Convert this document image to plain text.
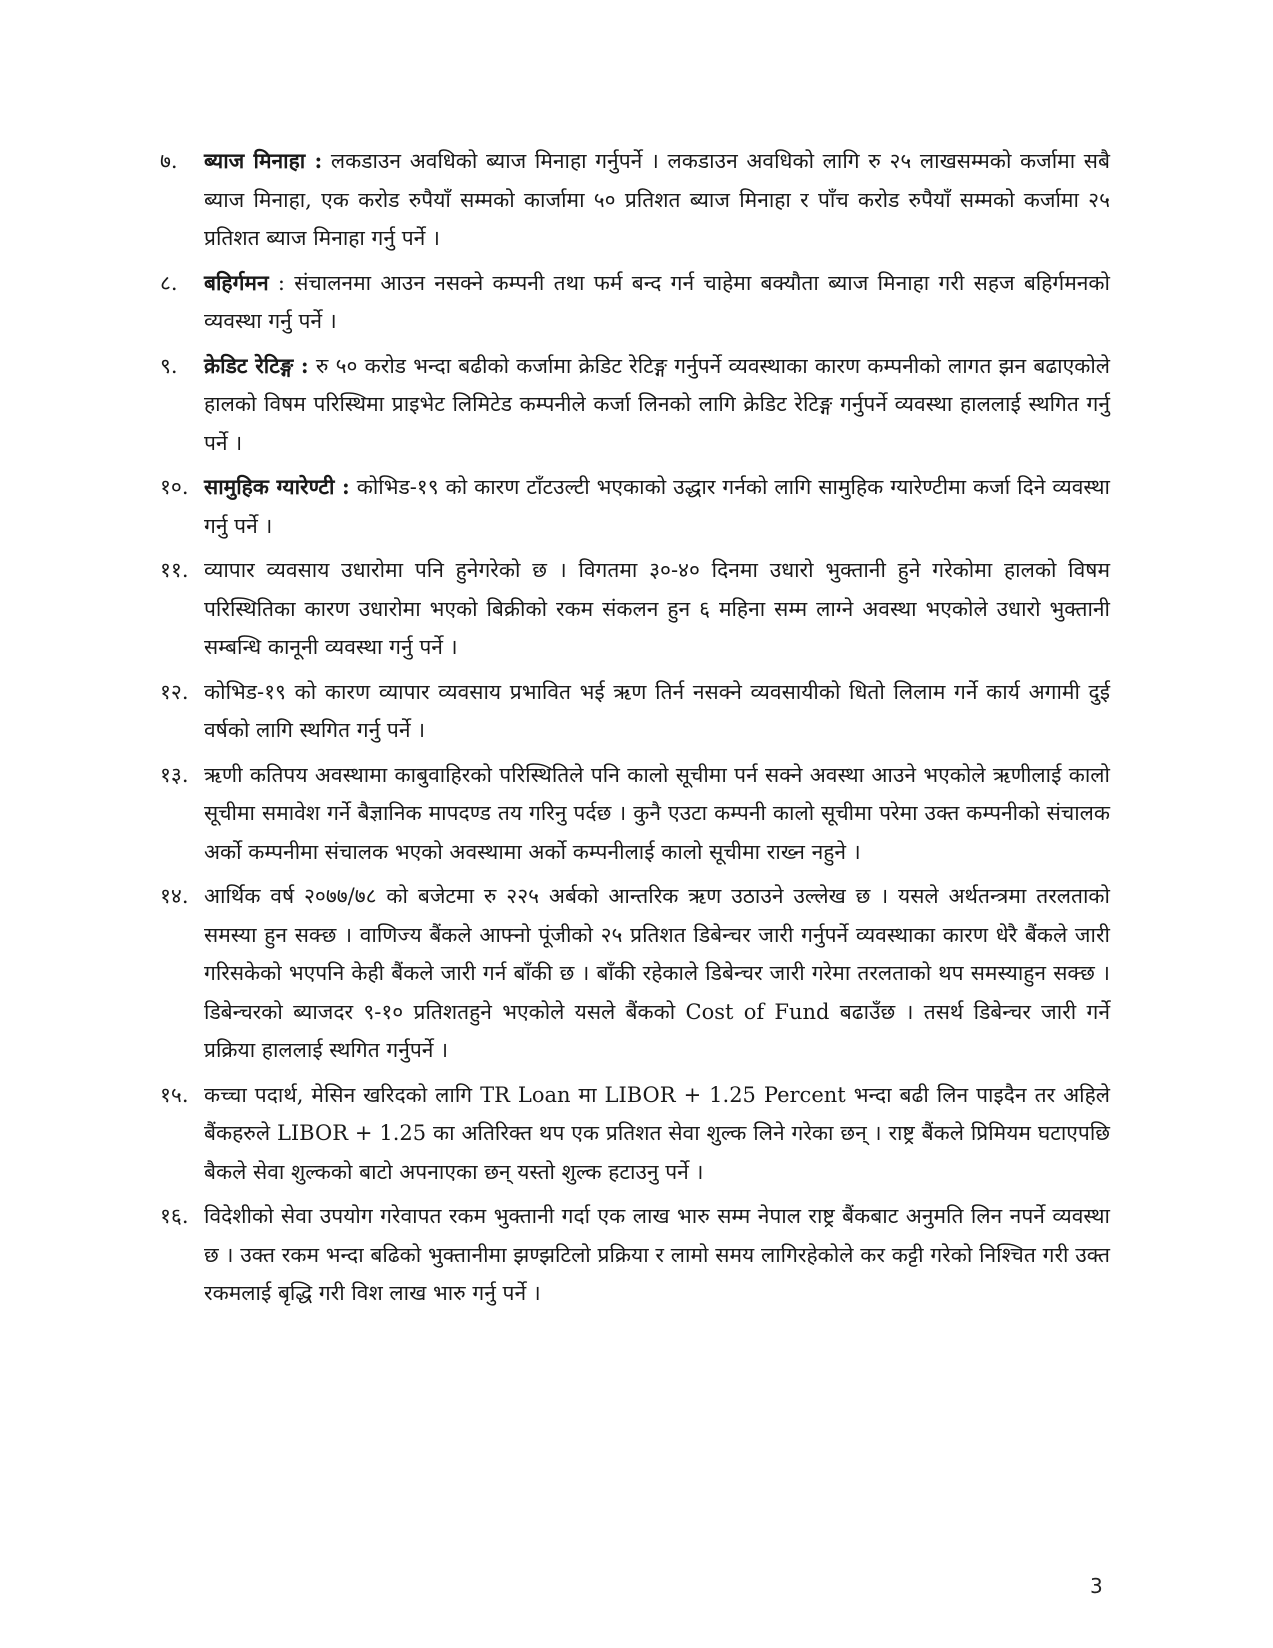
७.	ब्याज मिनाहा : लकडाउन अवधिको ब्याज मिनाहा गर्नुपर्ने । लकडाउन अवधिको लागि रु २५ लाखसम्मको कर्जामा सबै ब्याज मिनाहा, एक करोड रुपैयाँ सम्मको कार्जामा ५० प्रतिशत ब्याज मिनाहा र पाँच करोड रुपैयाँ सम्मको कर्जामा २५ प्रतिशत ब्याज मिनाहा गर्नु पर्ने ।
८.	बहिर्गमन : संचालनमा आउन नसक्ने कम्पनी तथा फर्म बन्द गर्न चाहेमा बक्यौता ब्याज मिनाहा गरी सहज बहिर्गमनको व्यवस्था गर्नु पर्ने ।
९.	क्रेडिट रेटिङ्ग : रु ५० करोड भन्दा बढीको कर्जामा क्रेडिट रेटिङ्ग गर्नुपर्ने व्यवस्थाका कारण कम्पनीको लागत झन बढाएकोले हालको विषम परिस्थिमा प्राइभेट लिमिटेड कम्पनीले कर्जा लिनको लागि क्रेडिट रेटिङ्ग गर्नुपर्ने व्यवस्था हाललाई स्थगित गर्नु पर्ने ।
१०. सामुहिक ग्यारेण्टी : कोभिड-१९ को कारण टाँटउल्टी भएकाको उद्धार गर्नको लागि सामुहिक ग्यारेण्टीमा कर्जा दिने व्यवस्था गर्नु पर्ने ।
११. व्यापार व्यवसाय उधारोमा पनि हुनेगरेको छ । विगतमा ३०-४० दिनमा उधारो भुक्तानी हुने गरेकोमा हालको विषम परिस्थितिका कारण उधारोमा भएको बिक्रीको रकम संकलन हुन ६ महिना सम्म लाग्ने अवस्था भएकोले उधारो भुक्तानी सम्बन्धि कानूनी व्यवस्था गर्नु पर्ने ।
१२. कोभिड-१९ को कारण व्यापार व्यवसाय प्रभावित भई ऋण तिर्न नसक्ने व्यवसायीको धितो लिलाम गर्ने कार्य अगामी दुई वर्षको लागि स्थगित गर्नु पर्ने ।
१३. ऋणी कतिपय अवस्थामा काबुवाहिरको परिस्थितिले पनि कालो सूचीमा पर्न सक्ने अवस्था आउने भएकोले ऋणीलाई कालो सूचीमा समावेश गर्ने बैज्ञानिक मापदण्ड तय गरिनु पर्दछ । कुनै एउटा कम्पनी कालो सूचीमा परेमा उक्त कम्पनीको संचालक अर्को कम्पनीमा संचालक भएको अवस्थामा अर्को कम्पनीलाई कालो सूचीमा राख्न नहुने ।
१४. आर्थिक वर्ष २०७७/७८ को बजेटमा रु २२५ अर्बको आन्तरिक ऋण उठाउने उल्लेख छ । यसले अर्थतन्त्रमा तरलताको समस्या हुन सक्छ । वाणिज्य बैंकले आफ्नो पूंजीको २५ प्रतिशत डिबेन्चर जारी गर्नुपर्ने व्यवस्थाका कारण धेरै बैंकले जारी गरिसकेको भएपनि केही बैंकले जारी गर्न बाँकी छ । बाँकी रहेकाले डिबेन्चर जारी गरेमा तरलताको थप समस्याहुन सक्छ । डिबेन्चरको ब्याजदर ९-१० प्रतिशतहुने भएकोले यसले बैंकको Cost of Fund बढाउँछ । तसर्थ डिबेन्चर जारी गर्ने प्रक्रिया हाललाई स्थगित गर्नुपर्ने ।
१५. कच्चा पदार्थ, मेसिन खरिदको लागि TR Loan मा LIBOR + 1.25 Percent भन्दा बढी लिन पाइदैन तर अहिले बैंकहरुले LIBOR + 1.25 का अतिरिक्त थप एक प्रतिशत सेवा शुल्क लिने गरेका छन् । राष्ट्र बैंकले प्रिमियम घटाएपछि बैकले सेवा शुल्कको बाटो अपनाएका छन् यस्तो शुल्क हटाउनु पर्ने ।
१६. विदेशीको सेवा उपयोग गरेवापत रकम भुक्तानी गर्दा एक लाख भारु सम्म नेपाल राष्ट्र बैंकबाट अनुमति लिन नपर्ने व्यवस्था छ । उक्त रकम भन्दा बढिको भुक्तानीमा झण्झटिलो प्रक्रिया र लामो समय लागिरहेकोले कर कट्टी गरेको निश्चित गरी उक्त रकमलाई बृद्धि गरी विश लाख भारु गर्नु पर्ने ।
3
